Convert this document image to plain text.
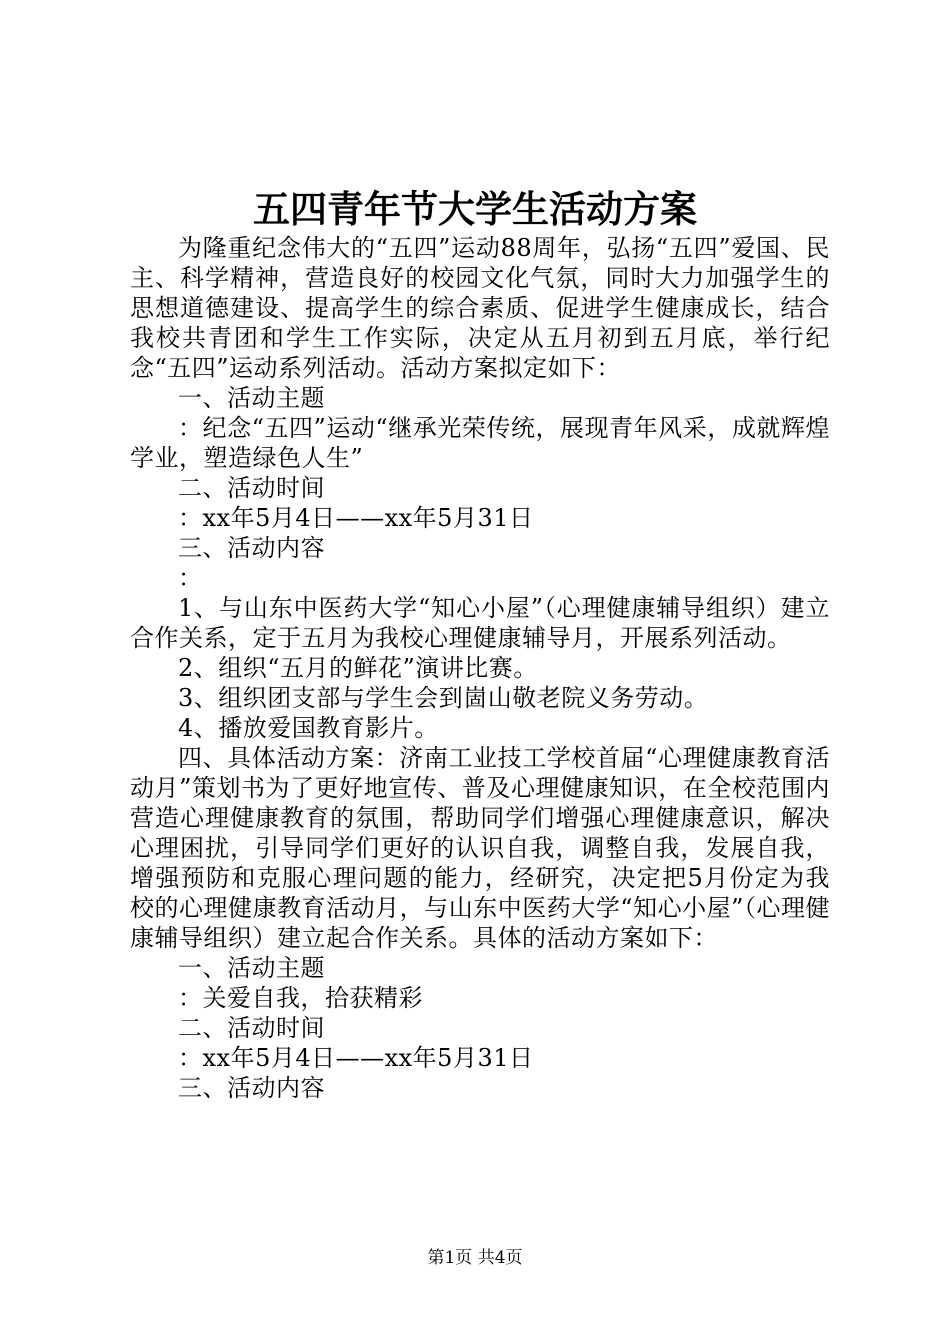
五四青年节大学生活动方案

为隆重纪念伟大的“五四”运动88周年，弘扬“五四”爱国、民主、科学精神，营造良好的校园文化气氛，同时大力加强学生的思想道德建设、提高学生的综合素质、促进学生健康成长，结合我校共青团和学生工作实际，决定从五月初到五月底，举行纪念“五四”运动系列活动。活动方案拟定如下：

一、活动主题

：纪念“五四”运动“继承光荣传统，展现青年风采，成就辉煌学业，塑造绿色人生”

二、活动时间

：xx年5月4日——xx年5月31日

三、活动内容

：

1、与山东中医药大学“知心小屋”（心理健康辅导组织）建立合作关系，定于五月为我校心理健康辅导月，开展系列活动。

2、组织“五月的鲜花”演讲比赛。

3、组织团支部与学生会到崮山敬老院义务劳动。

4、播放爱国教育影片。

四、具体活动方案：济南工业技工学校首届“心理健康教育活动月”策划书为了更好地宣传、普及心理健康知识，在全校范围内营造心理健康教育的氛围，帮助同学们增强心理健康意识，解决心理困扰，引导同学们更好的认识自我，调整自我，发展自我，增强预防和克服心理问题的能力，经研究，决定把5月份定为我校的心理健康教育活动月，与山东中医药大学“知心小屋”（心理健康辅导组织）建立起合作关系。具体的活动方案如下：

一、活动主题

：关爱自我，拾获精彩

二、活动时间

：xx年5月4日——xx年5月31日

三、活动内容

第1页 共4页
